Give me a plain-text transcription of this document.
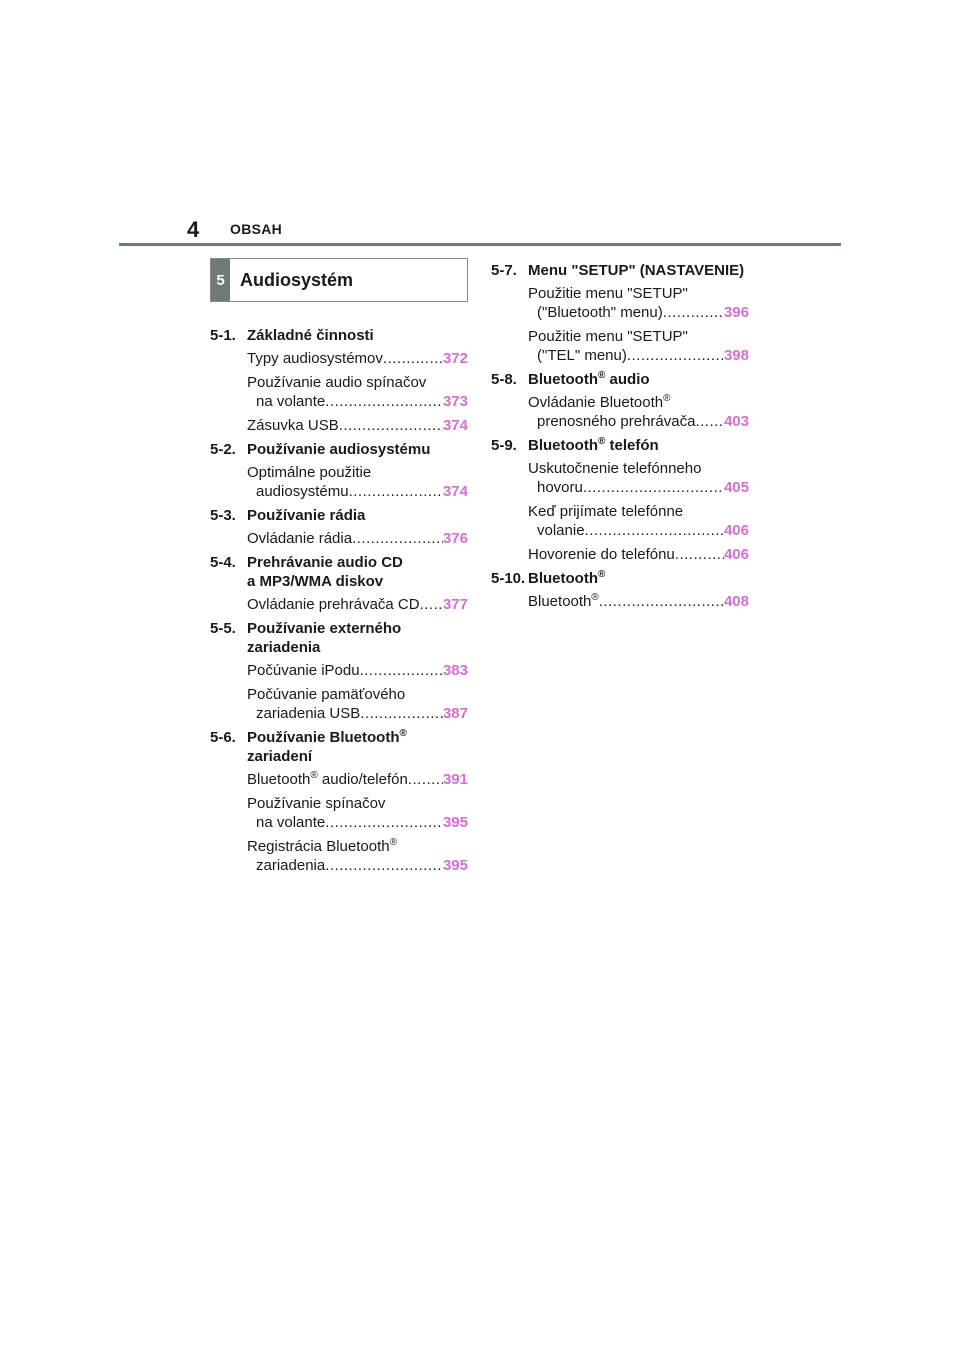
4 OBSAH
5 Audiosystém
5-1. Základné činnosti
Typy audiosystémov .....	372
Používanie audio spínačov
na volante .....	373
Zásuvka USB .....	374
5-2. Používanie audiosystému
Optimálne použitie
audiosystému .....	374
5-3. Používanie rádia
Ovládanie rádia .....	376
5-4. Prehrávanie audio CD
a MP3/WMA diskov
Ovládanie prehrávača CD ..... 377
5-5. Používanie externého
zariadenia
Počúvanie iPodu .....	383
Počúvanie pamäťového
zariadenia USB .....	387
5-6. Používanie Bluetooth®
zariadení
Bluetooth® audio/telefón ..... 391
Používanie spínačov
na volante .....	395
Registrácia Bluetooth®
zariadenia .....	395
5-7. Menu "SETUP" (NASTAVENIE)
Použitie menu "SETUP"
("Bluetooth" menu) .....	396
Použitie menu "SETUP"
("TEL" menu) .....	398
5-8. Bluetooth® audio
Ovládanie Bluetooth®
prenosného prehrávača ..... 403
5-9. Bluetooth® telefón
Uskutočnenie telefónneho
hovoru .....	405
Keď prijímate telefónne
volanie .....	406
Hovorenie do telefónu .....	406
5-10. Bluetooth®
Bluetooth® .....	408
